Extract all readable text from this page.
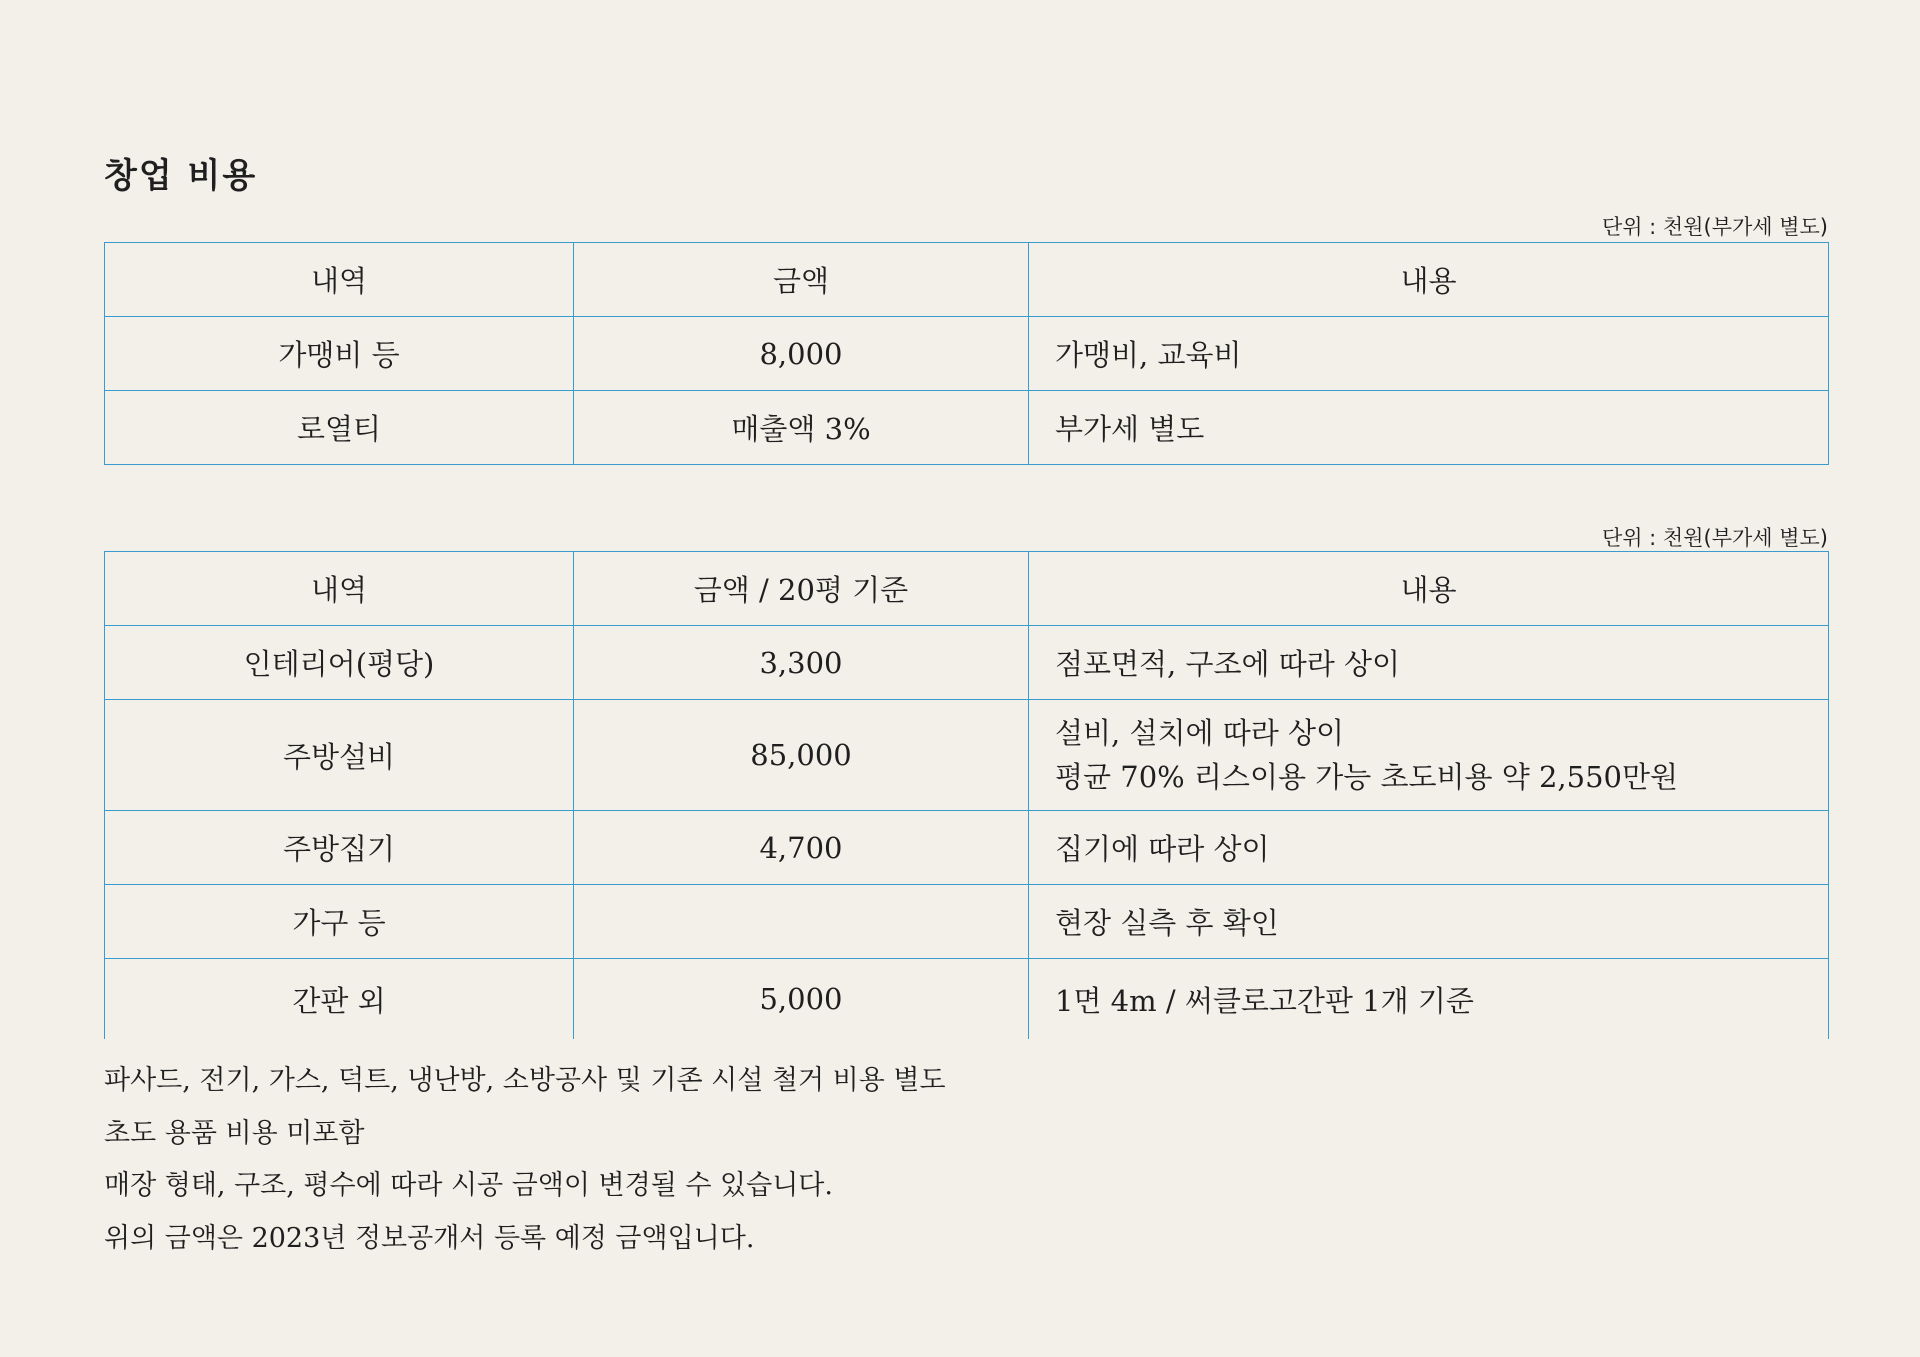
창업 비용
단위 : 천원(부가세 별도)
내역	금액	내용
가맹비 등	8,000	가맹비, 교육비
로열티	매출액 3%	부가세 별도
단위 : 천원(부가세 별도)
내역	금액 / 20평 기준	내용
인테리어(평당)	3,300	점포면적, 구조에 따라 상이
주방설비	85,000	설비, 설치에 따라 상이
평균 70% 리스이용 가능 초도비용 약 2,550만원

주방집기	4,700	집기에 따라 상이
가구 등		현장 실측 후 확인
간판 외	5,000	1면 4m / 써클로고간판 1개 기준
파사드, 전기, 가스, 덕트, 냉난방, 소방공사 및 기존 시설 철거 비용 별도
초도 용품 비용 미포함
매장 형태, 구조, 평수에 따라 시공 금액이 변경될 수 있습니다.
위의 금액은 2023년 정보공개서 등록 예정 금액입니다.
